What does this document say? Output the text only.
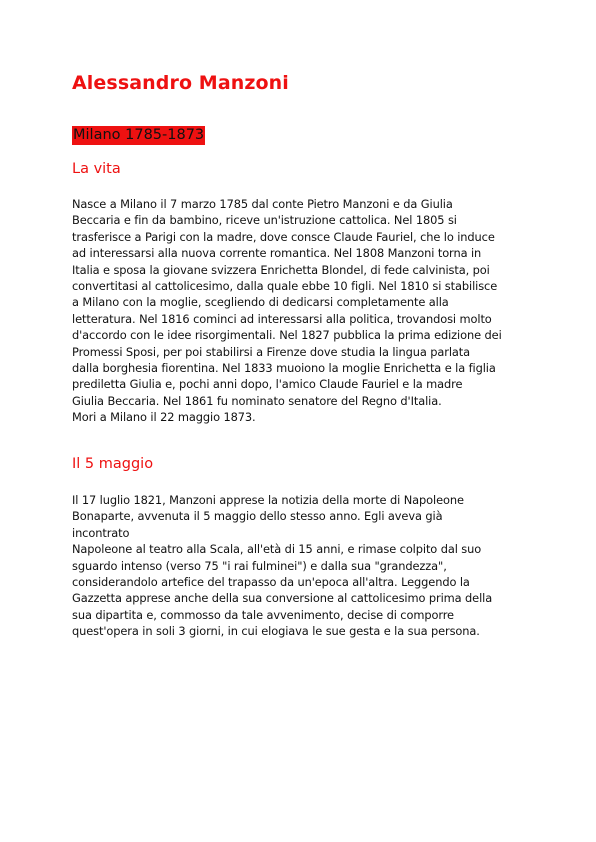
Alessandro Manzoni
Milano 1785-1873
La vita
Nasce a Milano il 7 marzo 1785 dal conte Pietro Manzoni e da Giulia
Beccaria e fin da bambino, riceve un'istruzione cattolica. Nel 1805 si
trasferisce a Parigi con la madre, dove consce Claude Fauriel, che lo induce
ad interessarsi alla nuova corrente romantica. Nel 1808 Manzoni torna in
Italia e sposa la giovane svizzera Enrichetta Blondel, di fede calvinista, poi
convertitasi al cattolicesimo, dalla quale ebbe 10 figli. Nel 1810 si stabilisce
a Milano con la moglie, scegliendo di dedicarsi completamente alla
letteratura. Nel 1816 cominci ad interessarsi alla politica, trovandosi molto
d'accordo con le idee risorgimentali. Nel 1827 pubblica la prima edizione dei
Promessi Sposi, per poi stabilirsi a Firenze dove studia la lingua parlata
dalla borghesia fiorentina. Nel 1833 muoiono la moglie Enrichetta e la figlia
prediletta Giulia e, pochi anni dopo, l'amico Claude Fauriel e la madre
Giulia Beccaria. Nel 1861 fu nominato senatore del Regno d'Italia.
Mori a Milano il 22 maggio 1873.
Il 5 maggio
Il 17 luglio 1821, Manzoni apprese la notizia della morte di Napoleone
Bonaparte, avvenuta il 5 maggio dello stesso anno. Egli aveva già
incontrato
Napoleone al teatro alla Scala, all'età di 15 anni, e rimase colpito dal suo
sguardo intenso (verso 75 "i rai fulminei") e dalla sua "grandezza",
considerandolo artefice del trapasso da un'epoca all'altra. Leggendo la
Gazzetta apprese anche della sua conversione al cattolicesimo prima della
sua dipartita e, commosso da tale avvenimento, decise di comporre
quest'opera in soli 3 giorni, in cui elogiava le sue gesta e la sua persona.
